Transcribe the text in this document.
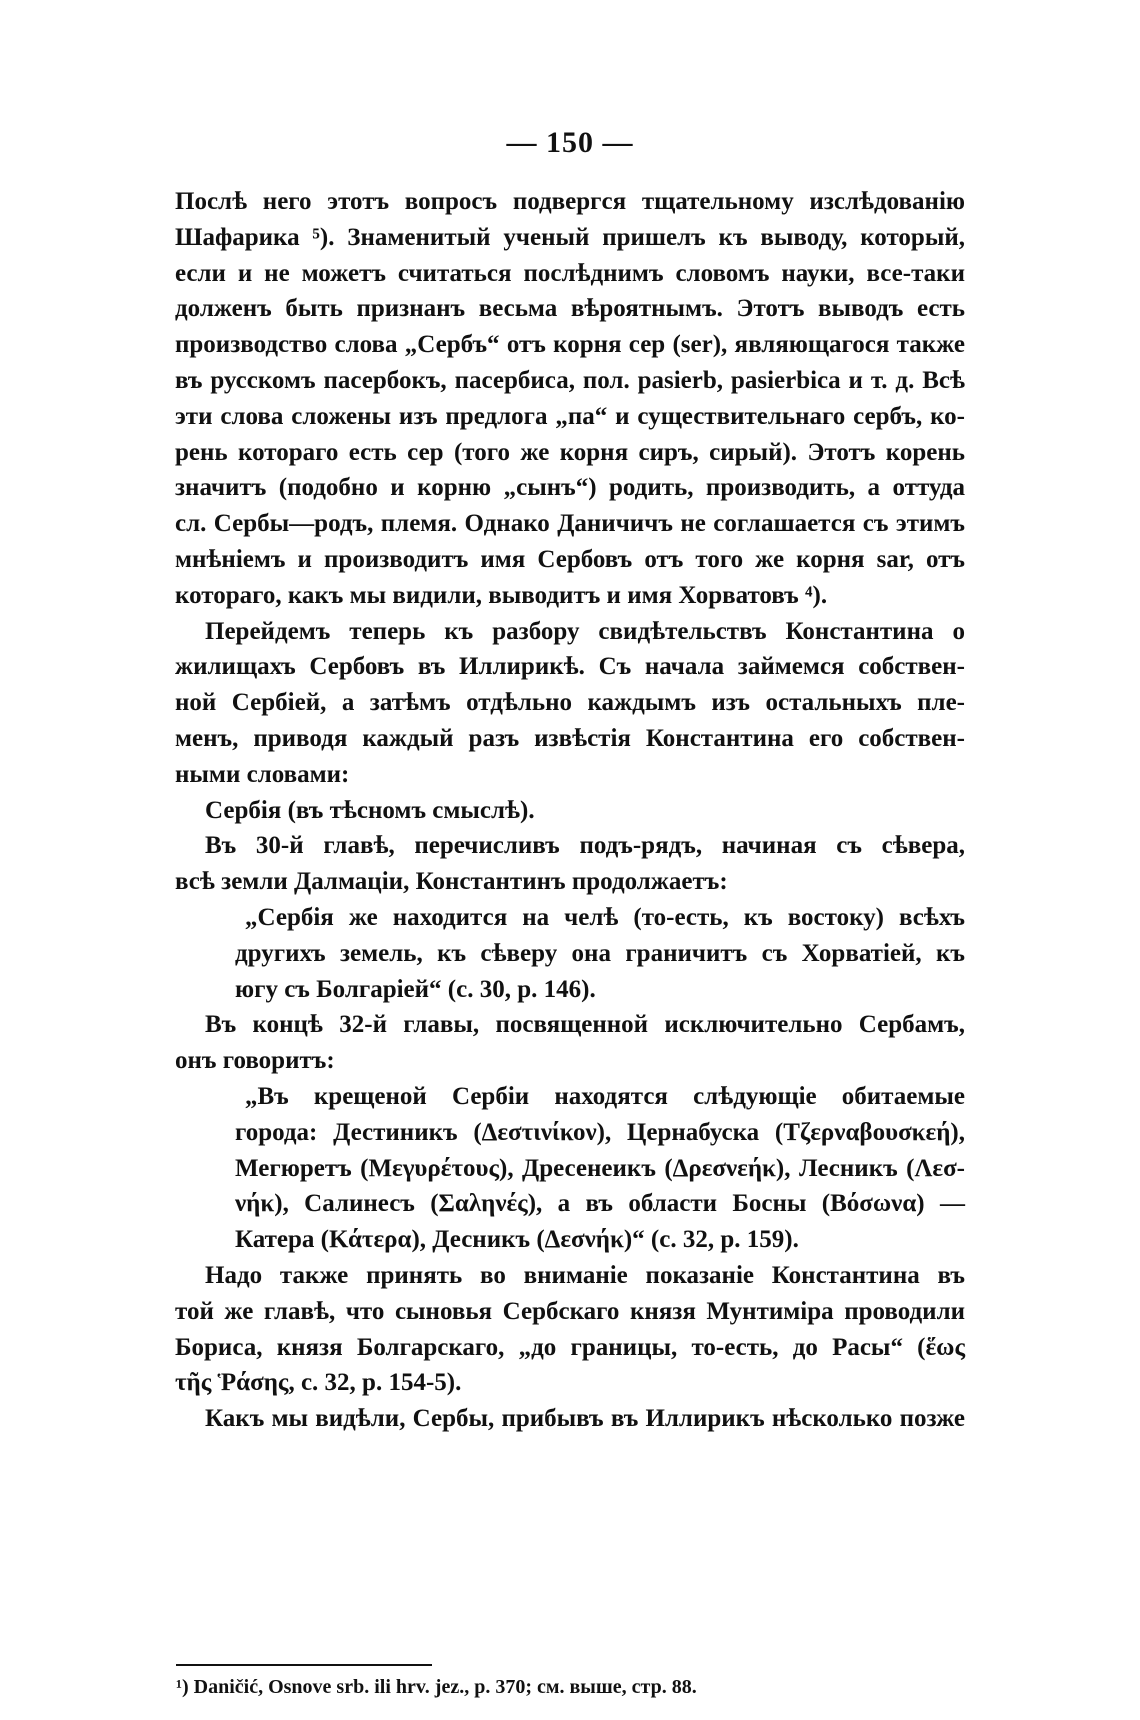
— 150 —
Послѣ него этотъ вопросъ подвергся тщательному изслѣдованію
Шафарика ⁵). Знаменитый ученый пришелъ къ выводу, который,
если и не можетъ считаться послѣднимъ словомъ науки, все-таки
долженъ быть признанъ весьма вѣроятнымъ. Этотъ выводъ есть
производство слова „Сербъ“ отъ корня сер (ser), являющагося также
въ русскомъ пасербокъ, пасербиса, пол. pasierb, pasierbica и т. д. Всѣ
эти слова сложены изъ предлога „па“ и существительнаго сербъ, ко-
рень котораго есть сер (того же корня сиръ, сирый). Этотъ корень
значитъ (подобно и корню „сынъ“) родить, производить, а оттуда
сл. Сербы—родъ, племя. Однако Даничичъ не соглашается съ этимъ
мнѣніемъ и производитъ имя Сербовъ отъ того же корня sar, отъ
котораго, какъ мы видили, выводитъ и имя Хорватовъ ⁴).
Перейдемъ теперь къ разбору свидѣтельствъ Константина о
жилищахъ Сербовъ въ Иллирикѣ. Съ начала займемся собствен-
ной Сербіей, а затѣмъ отдѣльно каждымъ изъ остальныхъ пле-
менъ, приводя каждый разъ извѣстія Константина его собствен-
ными словами:
Сербія (въ тѣсномъ смыслѣ).
Въ 30-й главѣ, перечисливъ подъ-рядъ, начиная съ сѣвера,
всѣ земли Далмаціи, Константинъ продолжаетъ:
„Сербія же находится на челѣ (то-есть, къ востоку) всѣхъ
другихъ земель, къ сѣверу она граничитъ съ Хорватіей, къ
югу съ Болгаріей“ (c. 30, p. 146).
Въ концѣ 32-й главы, посвященной исключительно Сербамъ,
онъ говоритъ:
„Въ крещеной Сербіи находятся слѣдующіе обитаемые
города: Дестиникъ (Δεστινίκον), Цернабуска (Τζερναβουσκεή),
Мегюретъ (Μεγυρέτους), Дресенеикъ (Δρεσνεήκ), Лесникъ (Λεσ-
νήκ), Салинесъ (Σαληνές), а въ области Босны (Βόσωνα) —
Катера (Κάτερα), Десникъ (Δεσνήκ)“ (c. 32, p. 159).
Надо также принять во вниманіе показаніе Константина въ
той же главѣ, что сыновья Сербскаго князя Мунтиміра проводили
Бориса, князя Болгарскаго, „до границы, то-есть, до Расы“ (ἕως
τῆς Ῥάσης, c. 32, p. 154-5).
Какъ мы видѣли, Сербы, прибывъ въ Иллирикъ нѣсколько позже
¹) Daničić, Osnove srb. ili hrv. jez., p. 370; см. выше, стр. 88.
